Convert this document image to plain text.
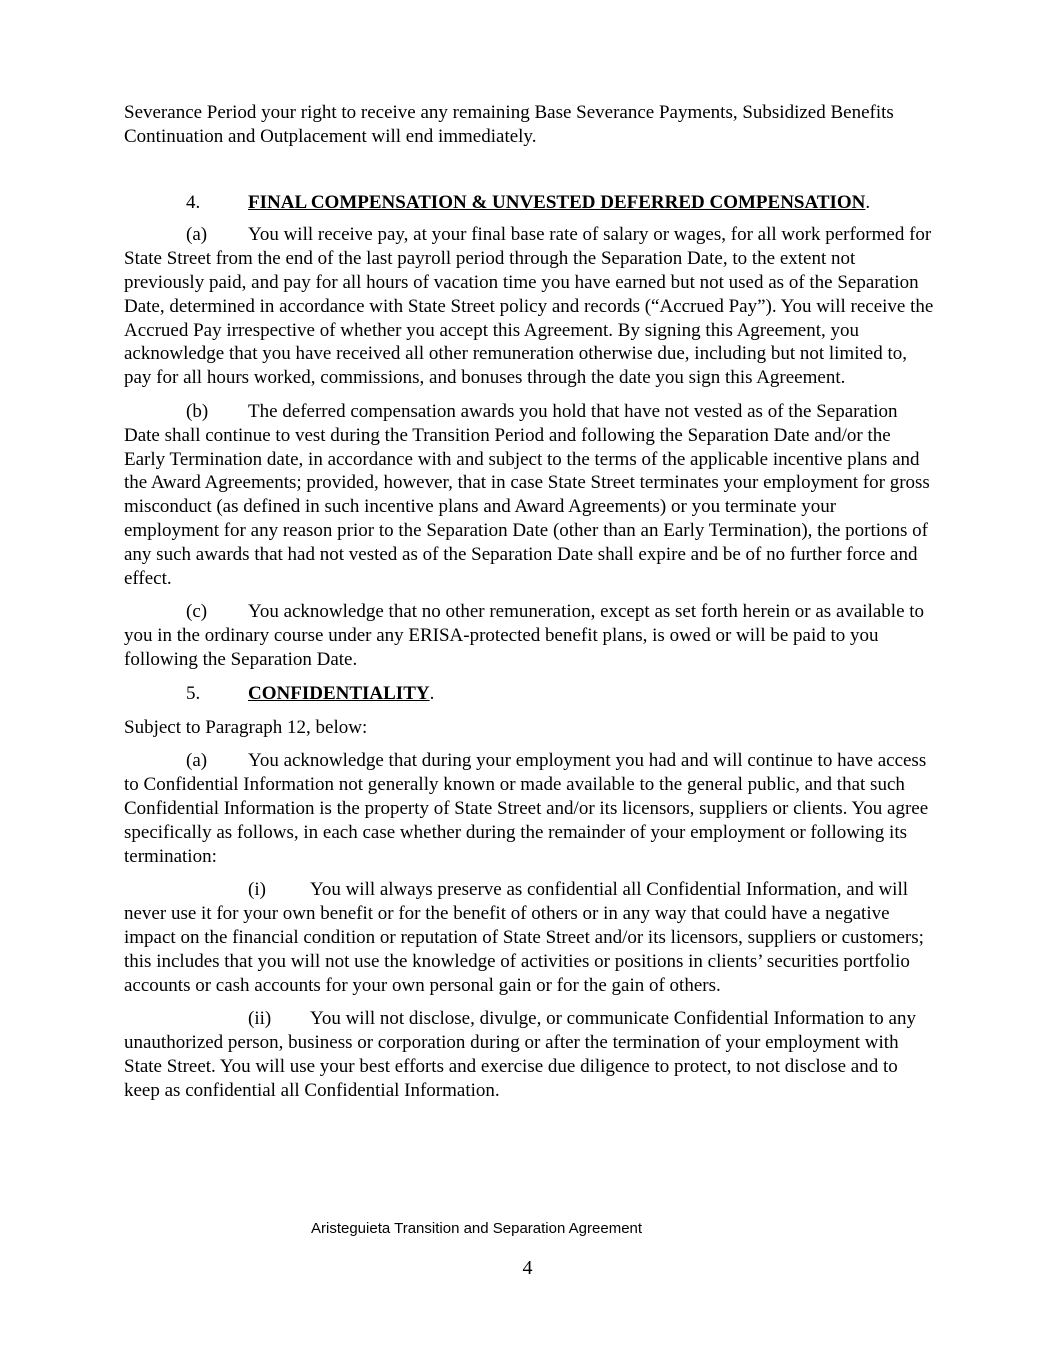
Severance Period your right to receive any remaining Base Severance Payments, Subsidized Benefits Continuation and Outplacement will end immediately.

4.	FINAL COMPENSATION & UNVESTED DEFERRED COMPENSATION.

(a) You will receive pay, at your final base rate of salary or wages, for all work performed for State Street from the end of the last payroll period through the Separation Date, to the extent not previously paid, and pay for all hours of vacation time you have earned but not used as of the Separation Date, determined in accordance with State Street policy and records (“Accrued Pay”). You will receive the Accrued Pay irrespective of whether you accept this Agreement. By signing this Agreement, you acknowledge that you have received all other remuneration otherwise due, including but not limited to, pay for all hours worked, commissions, and bonuses through the date you sign this Agreement.

(b) The deferred compensation awards you hold that have not vested as of the Separation Date shall continue to vest during the Transition Period and following the Separation Date and/or the Early Termination date, in accordance with and subject to the terms of the applicable incentive plans and the Award Agreements; provided, however, that in case State Street terminates your employment for gross misconduct (as defined in such incentive plans and Award Agreements) or you terminate your employment for any reason prior to the Separation Date (other than an Early Termination), the portions of any such awards that had not vested as of the Separation Date shall expire and be of no further force and effect.

(c) You acknowledge that no other remuneration, except as set forth herein or as available to you in the ordinary course under any ERISA-protected benefit plans, is owed or will be paid to you following the Separation Date.

5.	CONFIDENTIALITY.

Subject to Paragraph 12, below:

(a) You acknowledge that during your employment you had and will continue to have access to Confidential Information not generally known or made available to the general public, and that such Confidential Information is the property of State Street and/or its licensors, suppliers or clients. You agree specifically as follows, in each case whether during the remainder of your employment or following its termination:

(i) You will always preserve as confidential all Confidential Information, and will never use it for your own benefit or for the benefit of others or in any way that could have a negative impact on the financial condition or reputation of State Street and/or its licensors, suppliers or customers; this includes that you will not use the knowledge of activities or positions in clients’ securities portfolio accounts or cash accounts for your own personal gain or for the gain of others.

(ii) You will not disclose, divulge, or communicate Confidential Information to any unauthorized person, business or corporation during or after the termination of your employment with State Street. You will use your best efforts and exercise due diligence to protect, to not disclose and to keep as confidential all Confidential Information.

Aristeguieta Transition and Separation Agreement
4
